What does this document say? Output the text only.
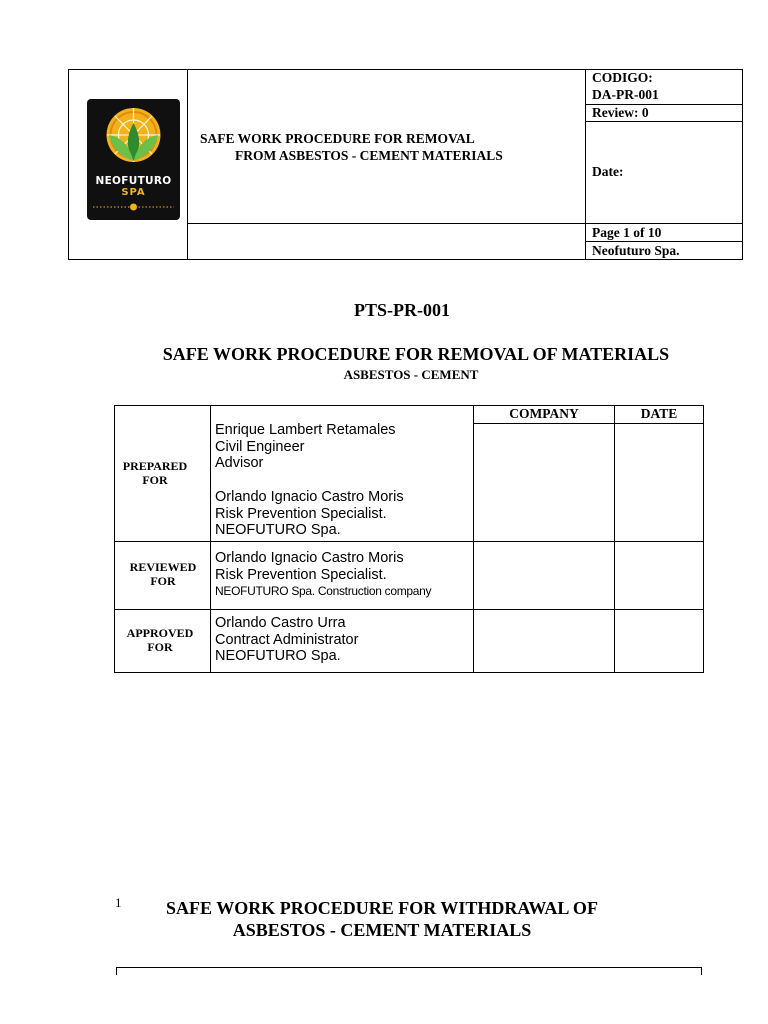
NEOFUTURO
SPA
SAFE WORK PROCEDURE FOR REMOVAL
FROM ASBESTOS - CEMENT MATERIALS
CODIGO:
DA-PR-001
Review: 0
Date:
Page 1 of 10
Neofuturo Spa.
PTS-PR-001
SAFE WORK PROCEDURE FOR REMOVAL OF MATERIALS
ASBESTOS - CEMENT
COMPANY	DATE
PREPARED
FOR
Enrique Lambert Retamales
Civil Engineer
Advisor
Orlando Ignacio Castro Moris
Risk Prevention Specialist.
NEOFUTURO Spa.
REVIEWED
FOR
Orlando Ignacio Castro Moris
Risk Prevention Specialist.
NEOFUTURO Spa. Construction company
APPROVED
FOR
Orlando Castro Urra
Contract Administrator
NEOFUTURO Spa.
1	SAFE WORK PROCEDURE FOR WITHDRAWAL OF
ASBESTOS - CEMENT MATERIALS
